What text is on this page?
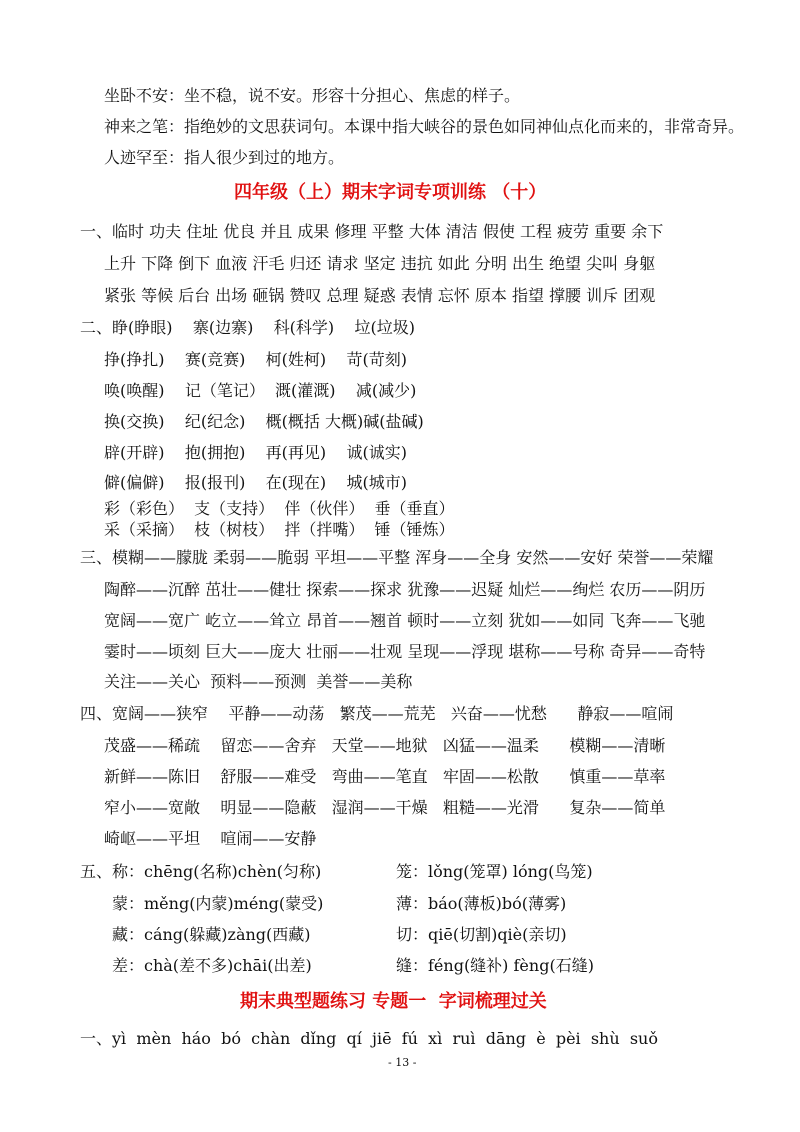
坐卧不安：坐不稳，说不安。形容十分担心、焦虑的样子。
神来之笔：指绝妙的文思获词句。本课中指大峡谷的景色如同神仙点化而来的，非常奇异。
人迹罕至：指人很少到过的地方。
四年级（上）期末字词专项训练 （十）
一、临时 功夫 住址 优良 并且 成果 修理 平整 大体 清洁 假使 工程 疲劳 重要 余下
上升 下降 倒下 血液 汗毛 归还 请求 坚定 违抗 如此 分明 出生 绝望 尖叫 身躯
紧张 等候 后台 出场 砸锅 赞叹 总理 疑惑 表情 忘怀 原本 指望 撑腰 训斥 团观
二、睁(睁眼)    寨(边寨)    科(科学)    垃(垃圾)
挣(挣扎)    赛(竞赛)    柯(姓柯)    苛(苛刻)
唤(唤醒)    记（笔记）  溉(灌溉)    减(减少)
换(交换)    纪(纪念)    概(概括 大概)碱(盐碱)
辟(开辟)    抱(拥抱)    再(再见)    诚(诚实)
僻(偏僻)    报(报刊)    在(现在)    城(城市)
彩（彩色）  支（支持）  伴（伙伴）  垂（垂直）
采（采摘）  枝（树枝）  拌（拌嘴）  锤（锤炼）
三、模糊——朦胧 柔弱——脆弱 平坦——平整 浑身——全身 安然——安好 荣誉——荣耀
陶醉——沉醉 茁壮——健壮 探索——探求 犹豫——迟疑 灿烂——绚烂 农历——阴历
宽阔——宽广 屹立——耸立 昂首——翘首 顿时——立刻 犹如——如同 飞奔——飞驰
霎时——顷刻 巨大——庞大 壮丽——壮观 呈现——浮现 堪称——号称 奇异——奇特
关注——关心  预料——预测  美誉——美称
四、宽阔——狭窄    平静——动荡   繁茂——荒芜   兴奋——忧愁      静寂——喧闹
茂盛——稀疏    留恋——舍弃   天堂——地狱   凶猛——温柔      模糊——清晰
新鲜——陈旧    舒服——难受   弯曲——笔直   牢固——松散      慎重——草率
窄小——宽敞    明显——隐蔽   湿润——干燥   粗糙——光滑      复杂——简单
崎岖——平坦    喧闹——安静
五、称：chēng(名称)chèn(匀称)
蒙：měng(内蒙)méng(蒙受)
藏：cáng(躲藏)zàng(西藏)
差：chà(差不多)chāi(出差)
笼：lǒng(笼罩) lóng(鸟笼)
薄：báo(薄板)bó(薄雾)
切：qiē(切割)qiè(亲切)
缝：féng(缝补) fèng(石缝)
期末典型题练习 专题一  字词梳理过关
一、yì  mèn  háo  bó  chàn  dǐng  qí  jiē  fú  xì  ruì  dāng  è  pèi  shù  suǒ
- 13 -
